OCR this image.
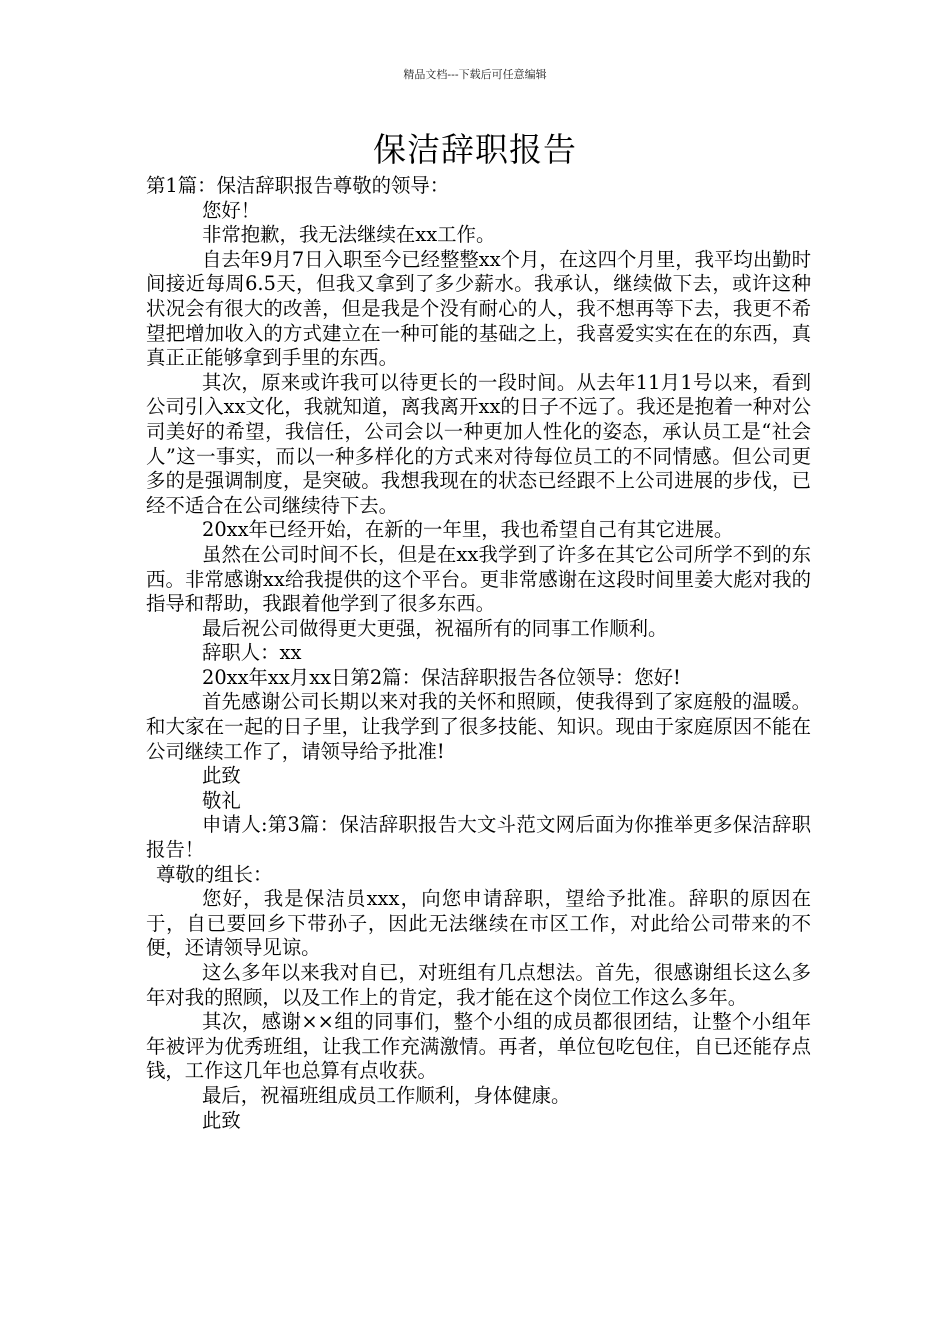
精品文档---下载后可任意编辑
保洁辞职报告

第1篇：保洁辞职报告尊敬的领导：

您好！

非常抱歉，我无法继续在xx工作。

自去年9月7日入职至今已经整整xx个月，在这四个月里，我平均出勤时间接近每周6.5天，但我又拿到了多少薪水。我承认，继续做下去，或许这种状况会有很大的改善，但是我是个没有耐心的人，我不想再等下去，我更不希望把增加收入的方式建立在一种可能的基础之上，我喜爱实实在在的东西，真真正正能够拿到手里的东西。

其次，原来或许我可以待更长的一段时间。从去年11月1号以来，看到公司引入xx文化，我就知道，离我离开xx的日子不远了。我还是抱着一种对公司美好的希望，我信任，公司会以一种更加人性化的姿态，承认员工是“社会人”这一事实，而以一种多样化的方式来对待每位员工的不同情感。但公司更多的是强调制度，是突破。我想我现在的状态已经跟不上公司进展的步伐，已经不适合在公司继续待下去。

20xx年已经开始，在新的一年里，我也希望自己有其它进展。

虽然在公司时间不长，但是在xx我学到了许多在其它公司所学不到的东西。非常感谢xx给我提供的这个平台。更非常感谢在这段时间里姜大彪对我的指导和帮助，我跟着他学到了很多东西。

最后祝公司做得更大更强，祝福所有的同事工作顺利。

辞职人：xx

20xx年xx月xx日第2篇：保洁辞职报告各位领导：您好!

首先感谢公司长期以来对我的关怀和照顾，使我得到了家庭般的温暖。和大家在一起的日子里，让我学到了很多技能、知识。现由于家庭原因不能在公司继续工作了，请领导给予批准!

此致

敬礼

申请人:第3篇：保洁辞职报告大文斗范文网后面为你推举更多保洁辞职报告！

尊敬的组长：

您好，我是保洁员xxx，向您申请辞职，望给予批准。辞职的原因在于，自已要回乡下带孙子，因此无法继续在市区工作，对此给公司带来的不便，还请领导见谅。

这么多年以来我对自已，对班组有几点想法。首先，很感谢组长这么多年对我的照顾，以及工作上的肯定，我才能在这个岗位工作这么多年。

其次，感谢××组的同事们，整个小组的成员都很团结，让整个小组年年被评为优秀班组，让我工作充满激情。再者，单位包吃包住，自已还能存点钱，工作这几年也总算有点收获。

最后，祝福班组成员工作顺利，身体健康。

此致
